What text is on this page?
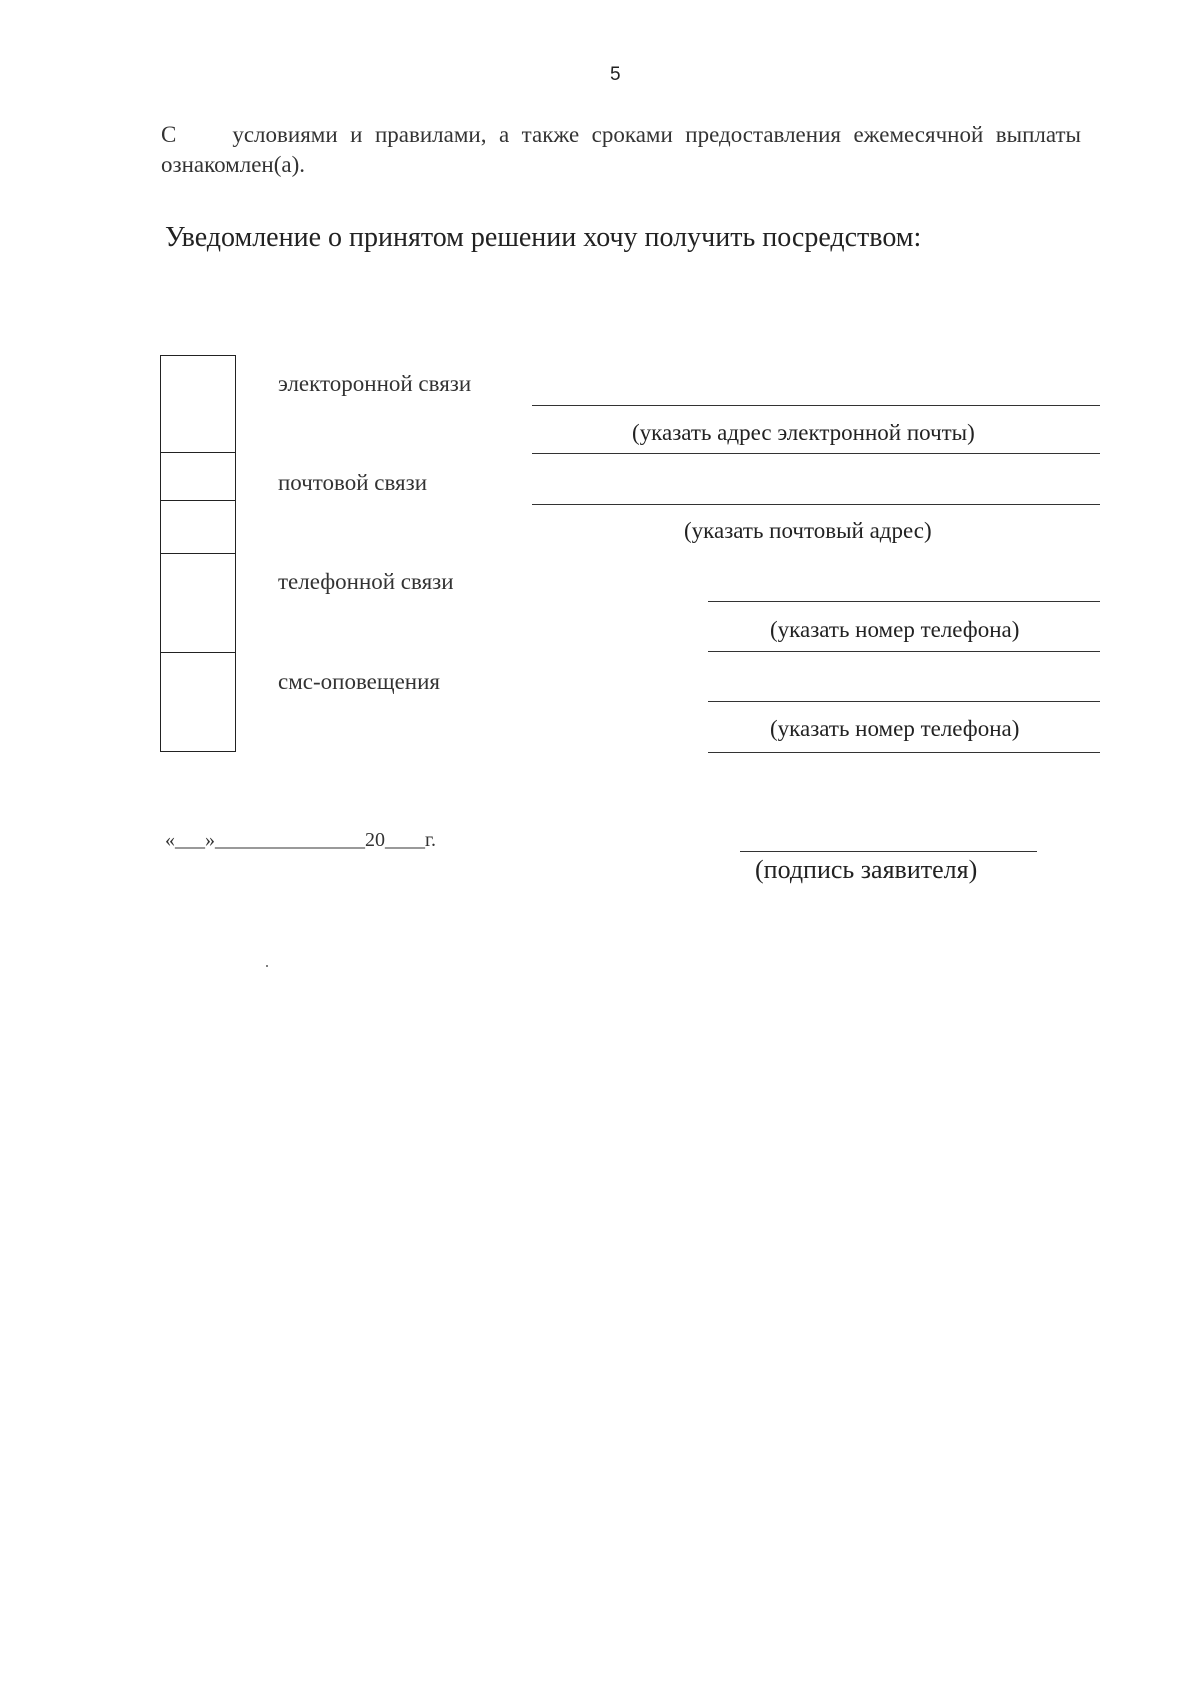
5
С условиями и правилами, а также сроками предоставления ежемесячной выплаты ознакомлен(а).
Уведомление о принятом решении хочу получить посредством:
электоронной связи
(указать адрес электронной почты)
почтовой связи
(указать почтовый адрес)
телефонной связи
(указать номер телефона)
смс-оповещения
(указать номер телефона)
«___»_______________20____г.
(подпись заявителя)
